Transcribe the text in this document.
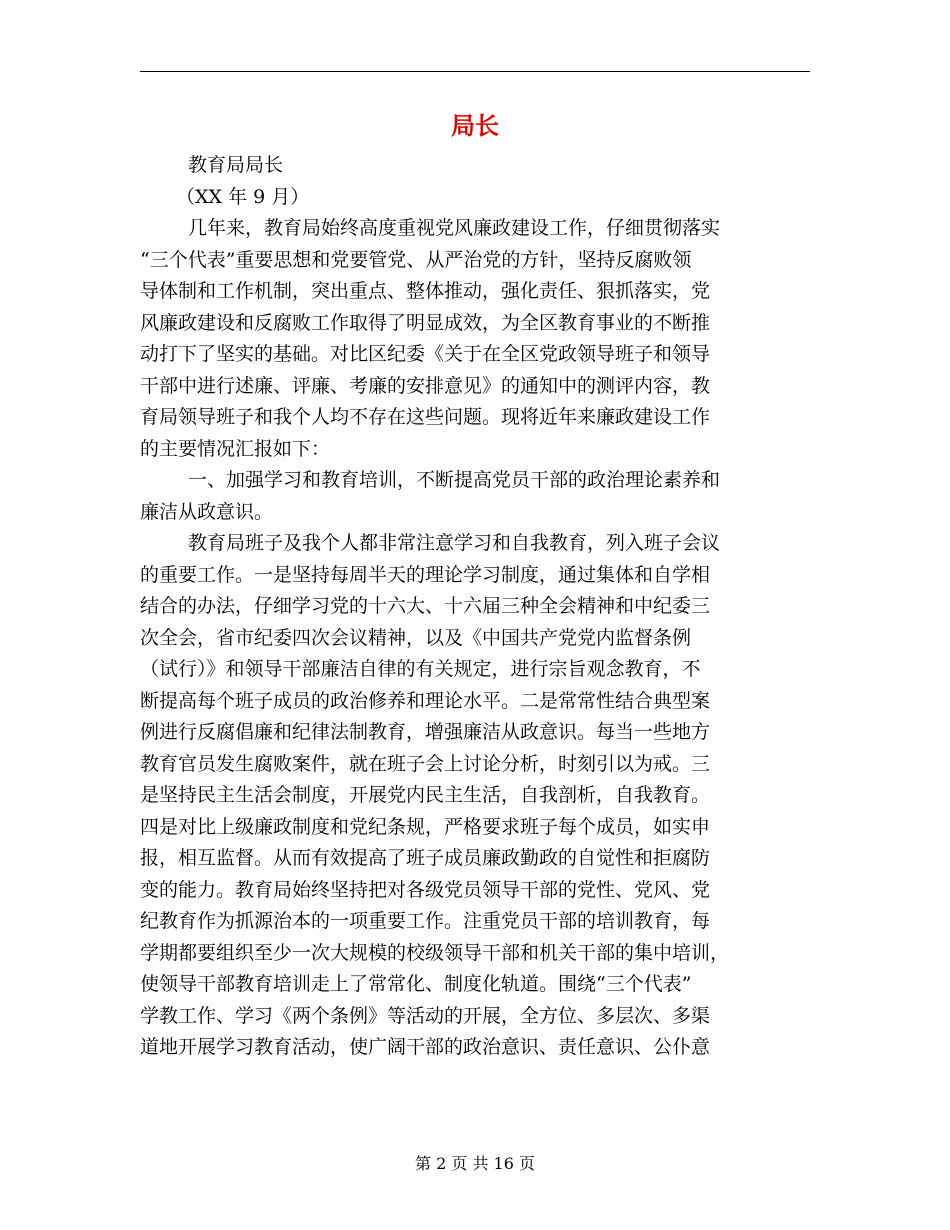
局长
教育局局长
（XX 年 9 月）
几年来，教育局始终高度重视党风廉政建设工作，仔细贯彻落实
“三个代表”重要思想和党要管党、从严治党的方针，坚持反腐败领
导体制和工作机制，突出重点、整体推动，强化责任、狠抓落实，党
风廉政建设和反腐败工作取得了明显成效，为全区教育事业的不断推
动打下了坚实的基础。对比区纪委《关于在全区党政领导班子和领导
干部中进行述廉、评廉、考廉的安排意见》的通知中的测评内容，教
育局领导班子和我个人均不存在这些问题。现将近年来廉政建设工作
的主要情况汇报如下：
一、加强学习和教育培训，不断提高党员干部的政治理论素养和
廉洁从政意识。
教育局班子及我个人都非常注意学习和自我教育，列入班子会议
的重要工作。一是坚持每周半天的理论学习制度，通过集体和自学相
结合的办法，仔细学习党的十六大、十六届三种全会精神和中纪委三
次全会，省市纪委四次会议精神，以及《中国共产党党内监督条例
（试行）》和领导干部廉洁自律的有关规定，进行宗旨观念教育，不
断提高每个班子成员的政治修养和理论水平。二是常常性结合典型案
例进行反腐倡廉和纪律法制教育，增强廉洁从政意识。每当一些地方
教育官员发生腐败案件，就在班子会上讨论分析，时刻引以为戒。三
是坚持民主生活会制度，开展党内民主生活，自我剖析，自我教育。
四是对比上级廉政制度和党纪条规，严格要求班子每个成员，如实申
报，相互监督。从而有效提高了班子成员廉政勤政的自觉性和拒腐防
变的能力。教育局始终坚持把对各级党员领导干部的党性、党风、党
纪教育作为抓源治本的一项重要工作。注重党员干部的培训教育，每
学期都要组织至少一次大规模的校级领导干部和机关干部的集中培训，
使领导干部教育培训走上了常常化、制度化轨道。围绕“三个代表”
学教工作、学习《两个条例》等活动的开展，全方位、多层次、多渠
道地开展学习教育活动，使广阔干部的政治意识、责任意识、公仆意
第 2 页 共 16 页
